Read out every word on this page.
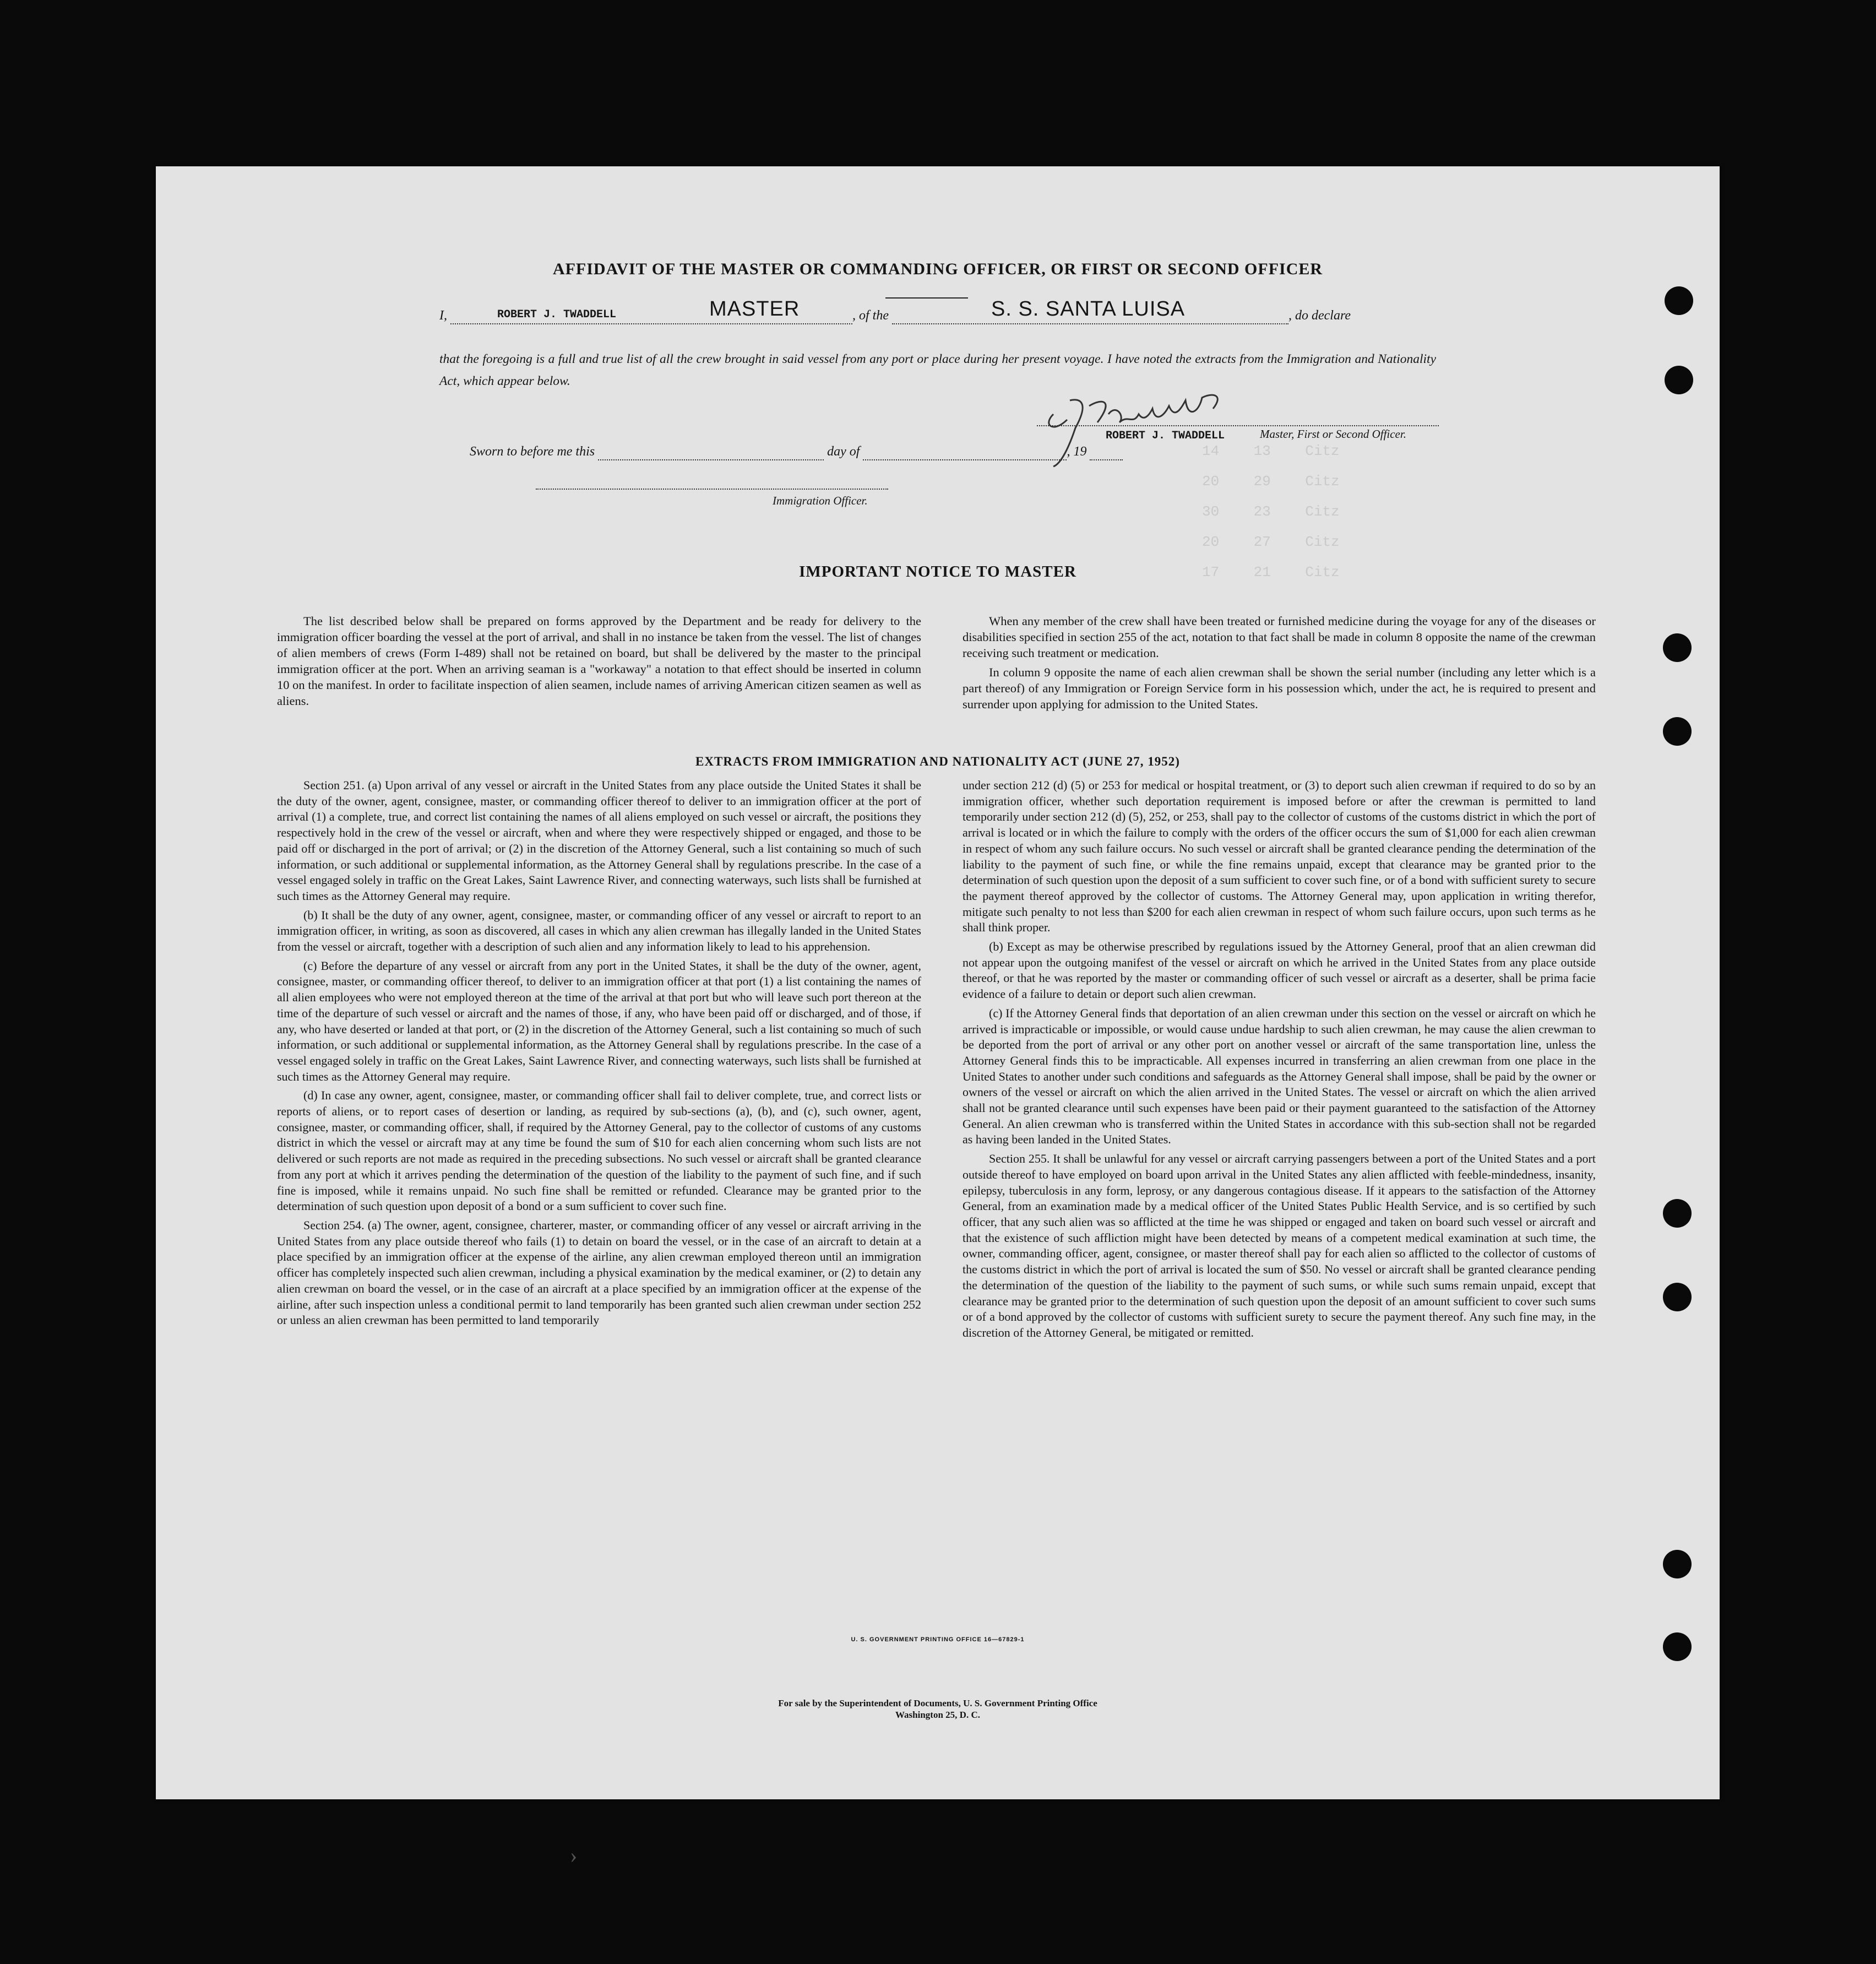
14    13    Citz
20    29    Citz
30    23    Citz
20    27    Citz
17    21    Citz
AFFIDAVIT OF THE MASTER OR COMMANDING OFFICER, OR FIRST OR SECOND OFFICER
I,	ROBERT J. TWADDELL	MASTER	, of the	S. S. SANTA LUISA	, do declare
that the foregoing is a full and true list of all the crew brought in said vessel from any port or place during her present voyage. I have noted the extracts from the Immigration and Nationality Act, which appear below.
ROBERT J. TWADDELL	Master, First or Second Officer.
Sworn to before me this	day of	, 19
Immigration Officer.
IMPORTANT NOTICE TO MASTER

The list described below shall be prepared on forms approved by the Department and be ready for delivery to the immigration officer boarding the vessel at the port of arrival, and shall in no instance be taken from the vessel. The list of changes of alien members of crews (Form I-489) shall not be retained on board, but shall be delivered by the master to the principal immigration officer at the port. When an arriving seaman is a "workaway" a notation to that effect should be inserted in column 10 on the manifest. In order to facilitate inspection of alien seamen, include names of arriving American citizen seamen as well as aliens.

When any member of the crew shall have been treated or furnished medicine during the voyage for any of the diseases or disabilities specified in section 255 of the act, notation to that fact shall be made in column 8 opposite the name of the crewman receiving such treatment or medication.

In column 9 opposite the name of each alien crewman shall be shown the serial number (including any letter which is a part thereof) of any Immigration or Foreign Service form in his possession which, under the act, he is required to present and surrender upon applying for admission to the United States.

EXTRACTS FROM IMMIGRATION AND NATIONALITY ACT (JUNE 27, 1952)

Section 251. (a) Upon arrival of any vessel or aircraft in the United States from any place outside the United States it shall be the duty of the owner, agent, consignee, master, or commanding officer thereof to deliver to an immigration officer at the port of arrival (1) a complete, true, and correct list containing the names of all aliens employed on such vessel or aircraft, the positions they respectively hold in the crew of the vessel or aircraft, when and where they were respectively shipped or engaged, and those to be paid off or discharged in the port of arrival; or (2) in the discretion of the Attorney General, such a list containing so much of such information, or such additional or supplemental information, as the Attorney General shall by regulations prescribe. In the case of a vessel engaged solely in traffic on the Great Lakes, Saint Lawrence River, and connecting waterways, such lists shall be furnished at such times as the Attorney General may require.

(b) It shall be the duty of any owner, agent, consignee, master, or commanding officer of any vessel or aircraft to report to an immigration officer, in writing, as soon as discovered, all cases in which any alien crewman has illegally landed in the United States from the vessel or aircraft, together with a description of such alien and any information likely to lead to his apprehension.

(c) Before the departure of any vessel or aircraft from any port in the United States, it shall be the duty of the owner, agent, consignee, master, or commanding officer thereof, to deliver to an immigration officer at that port (1) a list containing the names of all alien employees who were not employed thereon at the time of the arrival at that port but who will leave such port thereon at the time of the departure of such vessel or aircraft and the names of those, if any, who have been paid off or discharged, and of those, if any, who have deserted or landed at that port, or (2) in the discretion of the Attorney General, such a list containing so much of such information, or such additional or supplemental information, as the Attorney General shall by regulations prescribe. In the case of a vessel engaged solely in traffic on the Great Lakes, Saint Lawrence River, and connecting waterways, such lists shall be furnished at such times as the Attorney General may require.

(d) In case any owner, agent, consignee, master, or commanding officer shall fail to deliver complete, true, and correct lists or reports of aliens, or to report cases of desertion or landing, as required by sub-sections (a), (b), and (c), such owner, agent, consignee, master, or commanding officer, shall, if required by the Attorney General, pay to the collector of customs of any customs district in which the vessel or aircraft may at any time be found the sum of $10 for each alien concerning whom such lists are not delivered or such reports are not made as required in the preceding subsections. No such vessel or aircraft shall be granted clearance from any port at which it arrives pending the determination of the question of the liability to the payment of such fine, and if such fine is imposed, while it remains unpaid. No such fine shall be remitted or refunded. Clearance may be granted prior to the determination of such question upon deposit of a bond or a sum sufficient to cover such fine.

Section 254. (a) The owner, agent, consignee, charterer, master, or commanding officer of any vessel or aircraft arriving in the United States from any place outside thereof who fails (1) to detain on board the vessel, or in the case of an aircraft to detain at a place specified by an immigration officer at the expense of the airline, any alien crewman employed thereon until an immigration officer has completely inspected such alien crewman, including a physical examination by the medical examiner, or (2) to detain any alien crewman on board the vessel, or in the case of an aircraft at a place specified by an immigration officer at the expense of the airline, after such inspection unless a conditional permit to land temporarily has been granted such alien crewman under section 252 or unless an alien crewman has been permitted to land temporarily

under section 212 (d) (5) or 253 for medical or hospital treatment, or (3) to deport such alien crewman if required to do so by an immigration officer, whether such deportation requirement is imposed before or after the crewman is permitted to land temporarily under section 212 (d) (5), 252, or 253, shall pay to the collector of customs of the customs district in which the port of arrival is located or in which the failure to comply with the orders of the officer occurs the sum of $1,000 for each alien crewman in respect of whom any such failure occurs. No such vessel or aircraft shall be granted clearance pending the determination of the liability to the payment of such fine, or while the fine remains unpaid, except that clearance may be granted prior to the determination of such question upon the deposit of a sum sufficient to cover such fine, or of a bond with sufficient surety to secure the payment thereof approved by the collector of customs. The Attorney General may, upon application in writing therefor, mitigate such penalty to not less than $200 for each alien crewman in respect of whom such failure occurs, upon such terms as he shall think proper.

(b) Except as may be otherwise prescribed by regulations issued by the Attorney General, proof that an alien crewman did not appear upon the outgoing manifest of the vessel or aircraft on which he arrived in the United States from any place outside thereof, or that he was reported by the master or commanding officer of such vessel or aircraft as a deserter, shall be prima facie evidence of a failure to detain or deport such alien crewman.

(c) If the Attorney General finds that deportation of an alien crewman under this section on the vessel or aircraft on which he arrived is impracticable or impossible, or would cause undue hardship to such alien crewman, he may cause the alien crewman to be deported from the port of arrival or any other port on another vessel or aircraft of the same transportation line, unless the Attorney General finds this to be impracticable. All expenses incurred in transferring an alien crewman from one place in the United States to another under such conditions and safeguards as the Attorney General shall impose, shall be paid by the owner or owners of the vessel or aircraft on which the alien arrived in the United States. The vessel or aircraft on which the alien arrived shall not be granted clearance until such expenses have been paid or their payment guaranteed to the satisfaction of the Attorney General. An alien crewman who is transferred within the United States in accordance with this sub-section shall not be regarded as having been landed in the United States.

Section 255. It shall be unlawful for any vessel or aircraft carrying passengers between a port of the United States and a port outside thereof to have employed on board upon arrival in the United States any alien afflicted with feeble-mindedness, insanity, epilepsy, tuberculosis in any form, leprosy, or any dangerous contagious disease. If it appears to the satisfaction of the Attorney General, from an examination made by a medical officer of the United States Public Health Service, and is so certified by such officer, that any such alien was so afflicted at the time he was shipped or engaged and taken on board such vessel or aircraft and that the existence of such affliction might have been detected by means of a competent medical examination at such time, the owner, commanding officer, agent, consignee, or master thereof shall pay for each alien so afflicted to the collector of customs of the customs district in which the port of arrival is located the sum of $50. No vessel or aircraft shall be granted clearance pending the determination of the question of the liability to the payment of such sums, or while such sums remain unpaid, except that clearance may be granted prior to the determination of such question upon the deposit of an amount sufficient to cover such sums or of a bond approved by the collector of customs with sufficient surety to secure the payment thereof. Any such fine may, in the discretion of the Attorney General, be mitigated or remitted.

U. S. GOVERNMENT PRINTING OFFICE 16—67829-1
For sale by the Superintendent of Documents, U. S. Government Printing Office
Washington 25, D. C.
›
